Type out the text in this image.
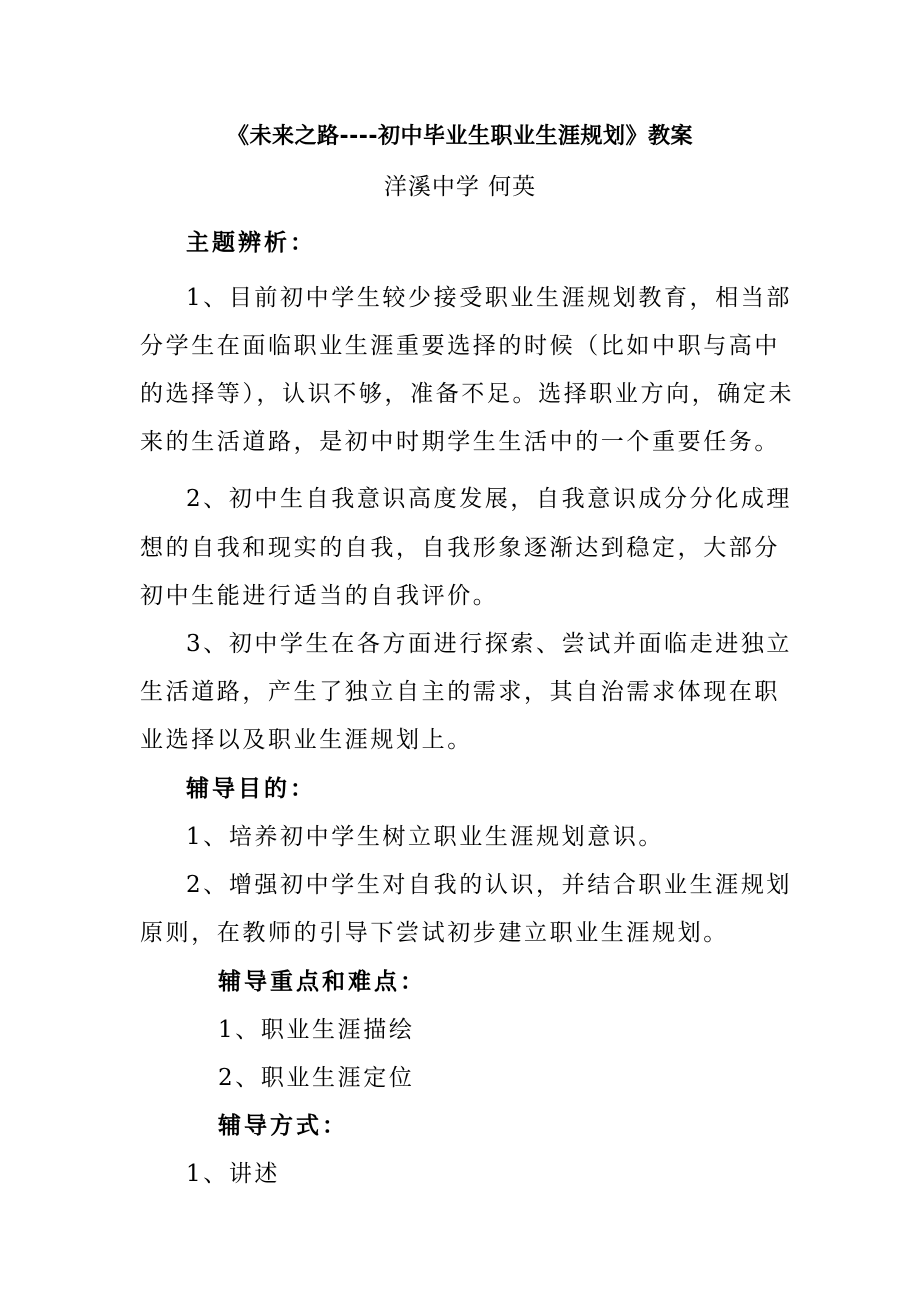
《未来之路----初中毕业生职业生涯规划》教案
洋溪中学 何英
主题辨析：
1、目前初中学生较少接受职业生涯规划教育，相当部
分学生在面临职业生涯重要选择的时候（比如中职与高中
的选择等），认识不够，准备不足。选择职业方向，确定未
来的生活道路，是初中时期学生生活中的一个重要任务。
2、初中生自我意识高度发展，自我意识成分分化成理
想的自我和现实的自我，自我形象逐渐达到稳定，大部分
初中生能进行适当的自我评价。
3、初中学生在各方面进行探索、尝试并面临走进独立
生活道路，产生了独立自主的需求，其自治需求体现在职
业选择以及职业生涯规划上。
辅导目的：
1、培养初中学生树立职业生涯规划意识。
2、增强初中学生对自我的认识，并结合职业生涯规划
原则，在教师的引导下尝试初步建立职业生涯规划。
辅导重点和难点：
1、职业生涯描绘
2、职业生涯定位
辅导方式：
1、讲述
